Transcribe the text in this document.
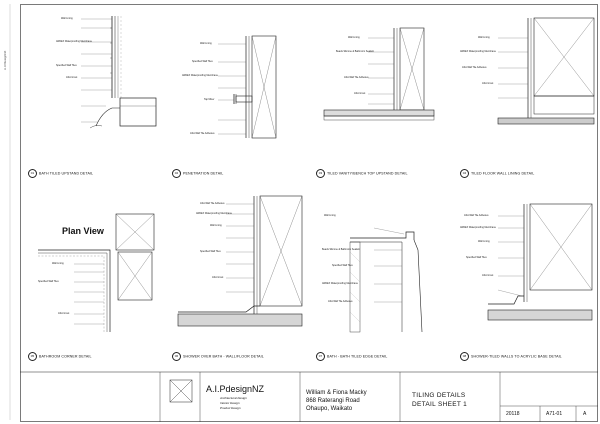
A.I.PdesignNZ
Wall Lining
ARDEX Waterproofing Membrane
Specified Wall Tiles
ASA Grout
01 BATH TILED UPSTAND DETAIL
Wall Lining
Specified Wall Tiles
ARDEX Waterproofing Membrane
Tap Mixer
ASA Wall Tile Adhesive
02 PENETRATION DETAIL
Wall Lining
Beads Silicone & Bathroom Sealant
ASA Wall Tile Adhesive
ASA Grout
03 TILED VANITY/BENCH TOP UPSTAND DETAIL
Wall Lining
ARDEX Waterproofing Membrane
ASA Wall Tile Adhesive
ASA Grout
04 TILED FLOOR WALL LINING DETAIL
Plan View
Wall Lining
Specified Wall Tiles
ASA Grout
05 BATHROOM CORNER DETAIL
ASA Wall Tile Adhesive
ARDEX Waterproofing Membrane
Wall Lining
Specified Wall Tiles
ASA Grout
06 SHOWER OVER BATH - WALL/FLOOR DETAIL
Wall Lining
Beads Silicone & Bathroom Sealant
Specified Wall Tiles
ARDEX Waterproofing Membrane
ASA Wall Tile Adhesive
07 BATH - BATH TILED EDGE DETAIL
ASA Wall Tile Adhesive
ARDEX Waterproofing Membrane
Wall Lining
Specified Wall Tiles
ASA Grout
08 SHOWER-TILED WALLS TO ACRYLIC BASE DETAIL
A.I.PdesignNZ
Architectural Design
Interior Design
Product Design
William & Fiona Macky
868 Raterangi Road
Ohaupo, Waikato
TILING DETAILS
DETAIL SHEET 1
20118	A71-01	A
